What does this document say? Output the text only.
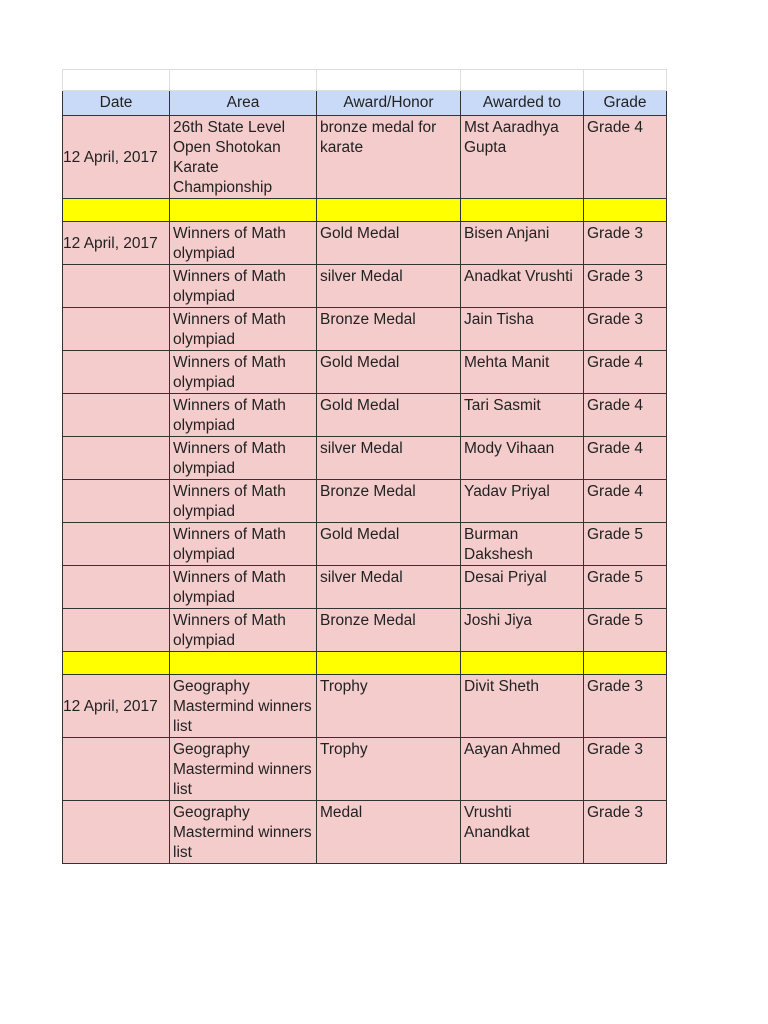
Date	Area	Award/Honor	Awarded to	Grade
12 April, 2017	26th State Level Open Shotokan Karate Championship	bronze medal for karate	Mst Aaradhya Gupta	Grade 4

12 April, 2017	Winners of Math olympiad	Gold Medal	Bisen Anjani	Grade 3
	Winners of Math olympiad	silver Medal	Anadkat Vrushti	Grade 3
	Winners of Math olympiad	Bronze Medal	Jain Tisha	Grade 3
	Winners of Math olympiad	Gold Medal	Mehta Manit	Grade 4
	Winners of Math olympiad	Gold Medal	Tari Sasmit	Grade 4
	Winners of Math olympiad	silver Medal	Mody Vihaan	Grade 4
	Winners of Math olympiad	Bronze Medal	Yadav Priyal	Grade 4
	Winners of Math olympiad	Gold Medal	Burman Dakshesh	Grade 5
	Winners of Math olympiad	silver Medal	Desai Priyal	Grade 5
	Winners of Math olympiad	Bronze Medal	Joshi Jiya	Grade 5

12 April, 2017	Geography Mastermind winners list	Trophy	Divit Sheth	Grade 3
	Geography Mastermind winners list	Trophy	Aayan Ahmed	Grade 3
	Geography Mastermind winners list	Medal	Vrushti Anandkat	Grade 3
